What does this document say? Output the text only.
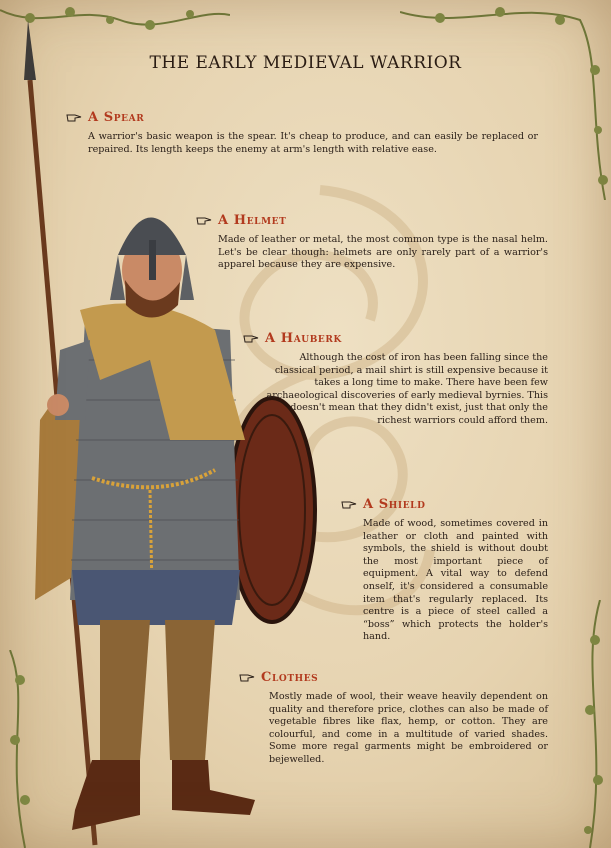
THE EARLY MEDIEVAL WARRIOR
A Spear

A warrior's basic weapon is the spear. It's cheap to produce, and can easily be replaced or repaired. Its length keeps the enemy at arm's length with relative ease.

A Helmet

Made of leather or metal, the most common type is the nasal helm. Let's be clear though: helmets are only rarely part of a warrior's apparel because they are expensive.

A Hauberk

Although the cost of iron has been falling since the classical period, a mail shirt is still expensive because it takes a long time to make. There have been few archaeological discoveries of early medieval byrnies. This doesn't mean that they didn't exist, just that only the richest warriors could afford them.

A Shield

Made of wood, sometimes covered in leather or cloth and painted with symbols, the shield is without doubt the most important piece of equipment. A vital way to defend onself, it's considered a consumable item that's regularly replaced. Its centre is a piece of steel called a “boss” which protects the holder's hand.

Clothes

Mostly made of wool, their weave heavily dependent on quality and therefore price, clothes can also be made of vegetable fibres like flax, hemp, or cotton. They are colourful, and come in a multitude of varied shades. Some more regal garments might be embroidered or bejewelled.
